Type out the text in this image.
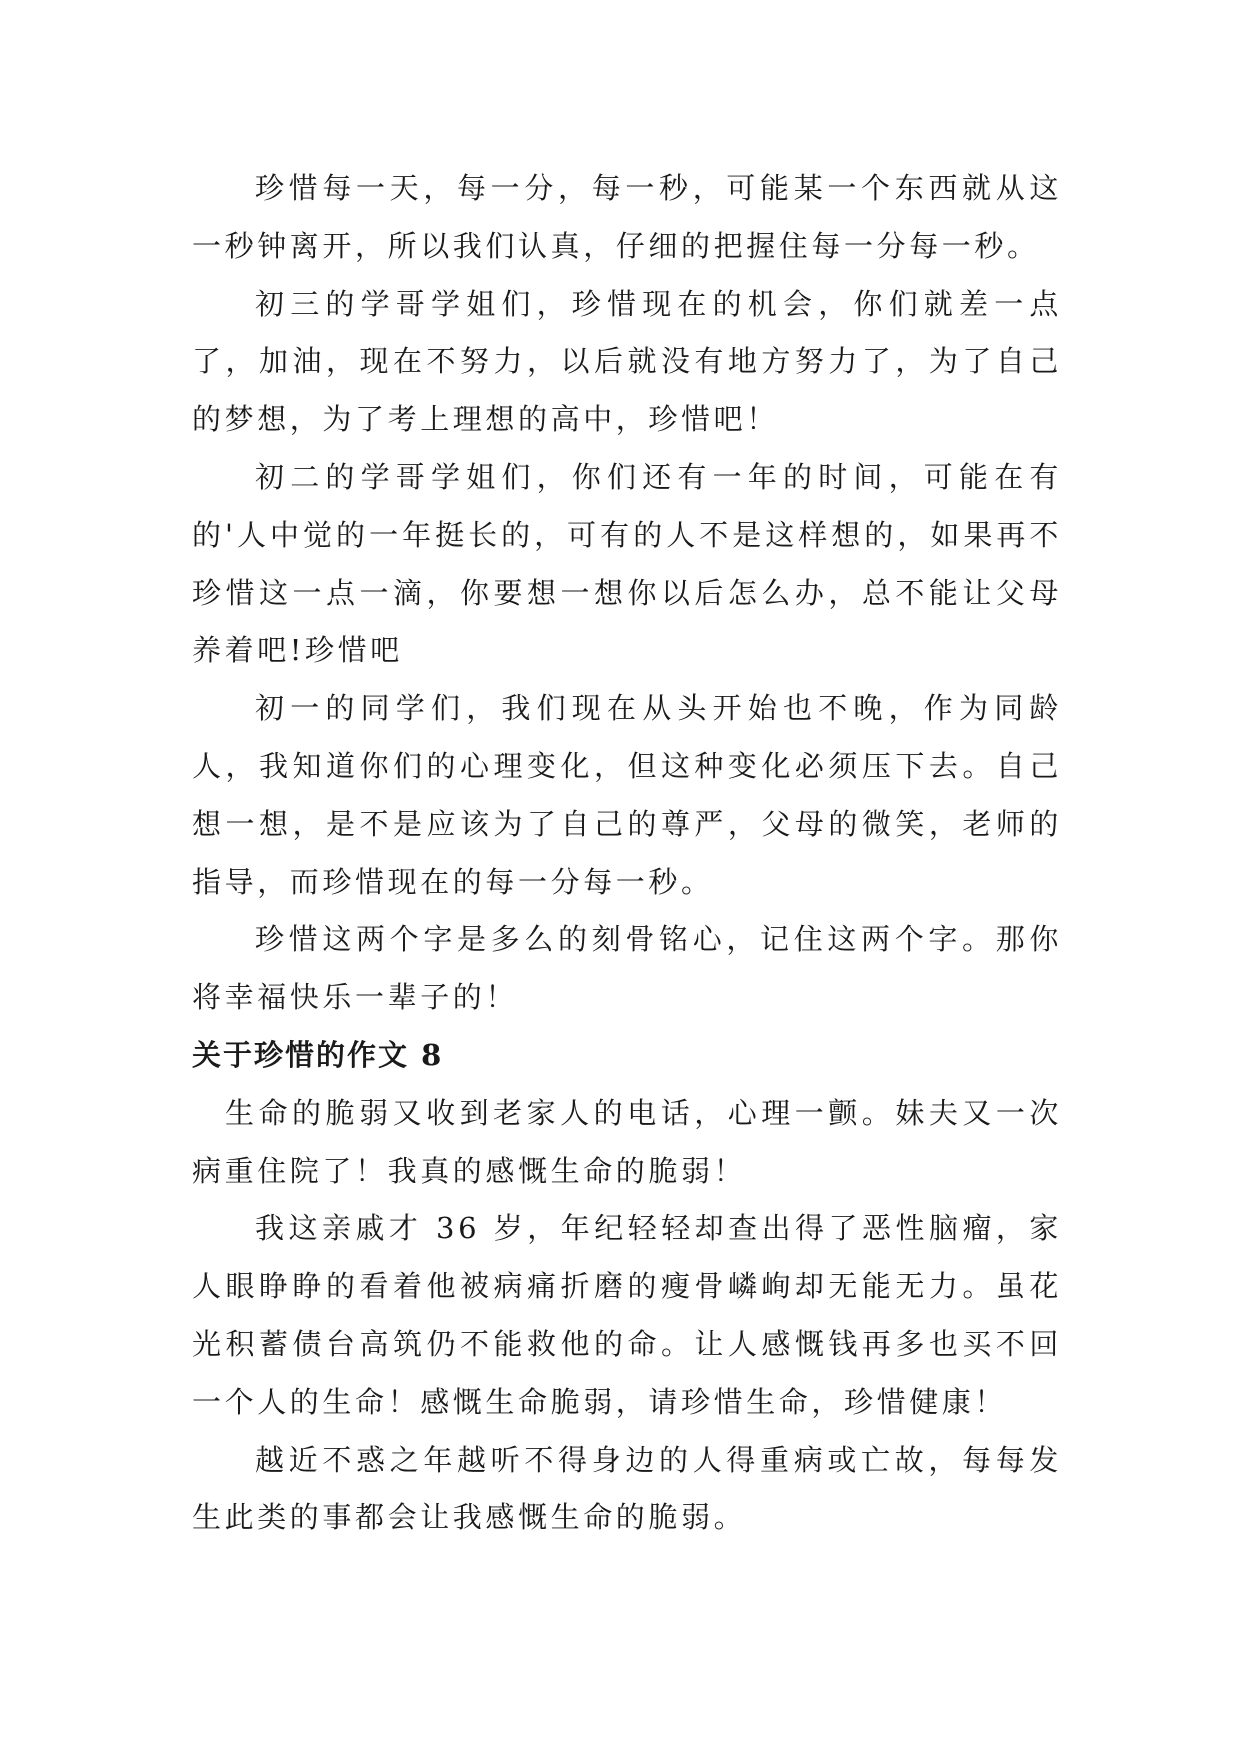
珍惜每一天，每一分，每一秒，可能某一个东西就从这一秒钟离开，所以我们认真，仔细的把握住每一分每一秒。

初三的学哥学姐们，珍惜现在的机会，你们就差一点了，加油，现在不努力，以后就没有地方努力了，为了自己的梦想，为了考上理想的高中，珍惜吧！

初二的学哥学姐们，你们还有一年的时间，可能在有的'人中觉的一年挺长的，可有的人不是这样想的，如果再不珍惜这一点一滴，你要想一想你以后怎么办，总不能让父母养着吧!珍惜吧

初一的同学们，我们现在从头开始也不晚，作为同龄人，我知道你们的心理变化，但这种变化必须压下去。自己想一想，是不是应该为了自己的尊严，父母的微笑，老师的指导，而珍惜现在的每一分每一秒。

珍惜这两个字是多么的刻骨铭心，记住这两个字。那你将幸福快乐一辈子的！

关于珍惜的作文 8

生命的脆弱又收到老家人的电话，心理一颤。妹夫又一次病重住院了！我真的感慨生命的脆弱！

我这亲戚才 36 岁，年纪轻轻却查出得了恶性脑瘤，家人眼睁睁的看着他被病痛折磨的瘦骨嶙峋却无能无力。虽花光积蓄债台高筑仍不能救他的命。让人感慨钱再多也买不回一个人的生命！感慨生命脆弱，请珍惜生命，珍惜健康！

越近不惑之年越听不得身边的人得重病或亡故，每每发生此类的事都会让我感慨生命的脆弱。
